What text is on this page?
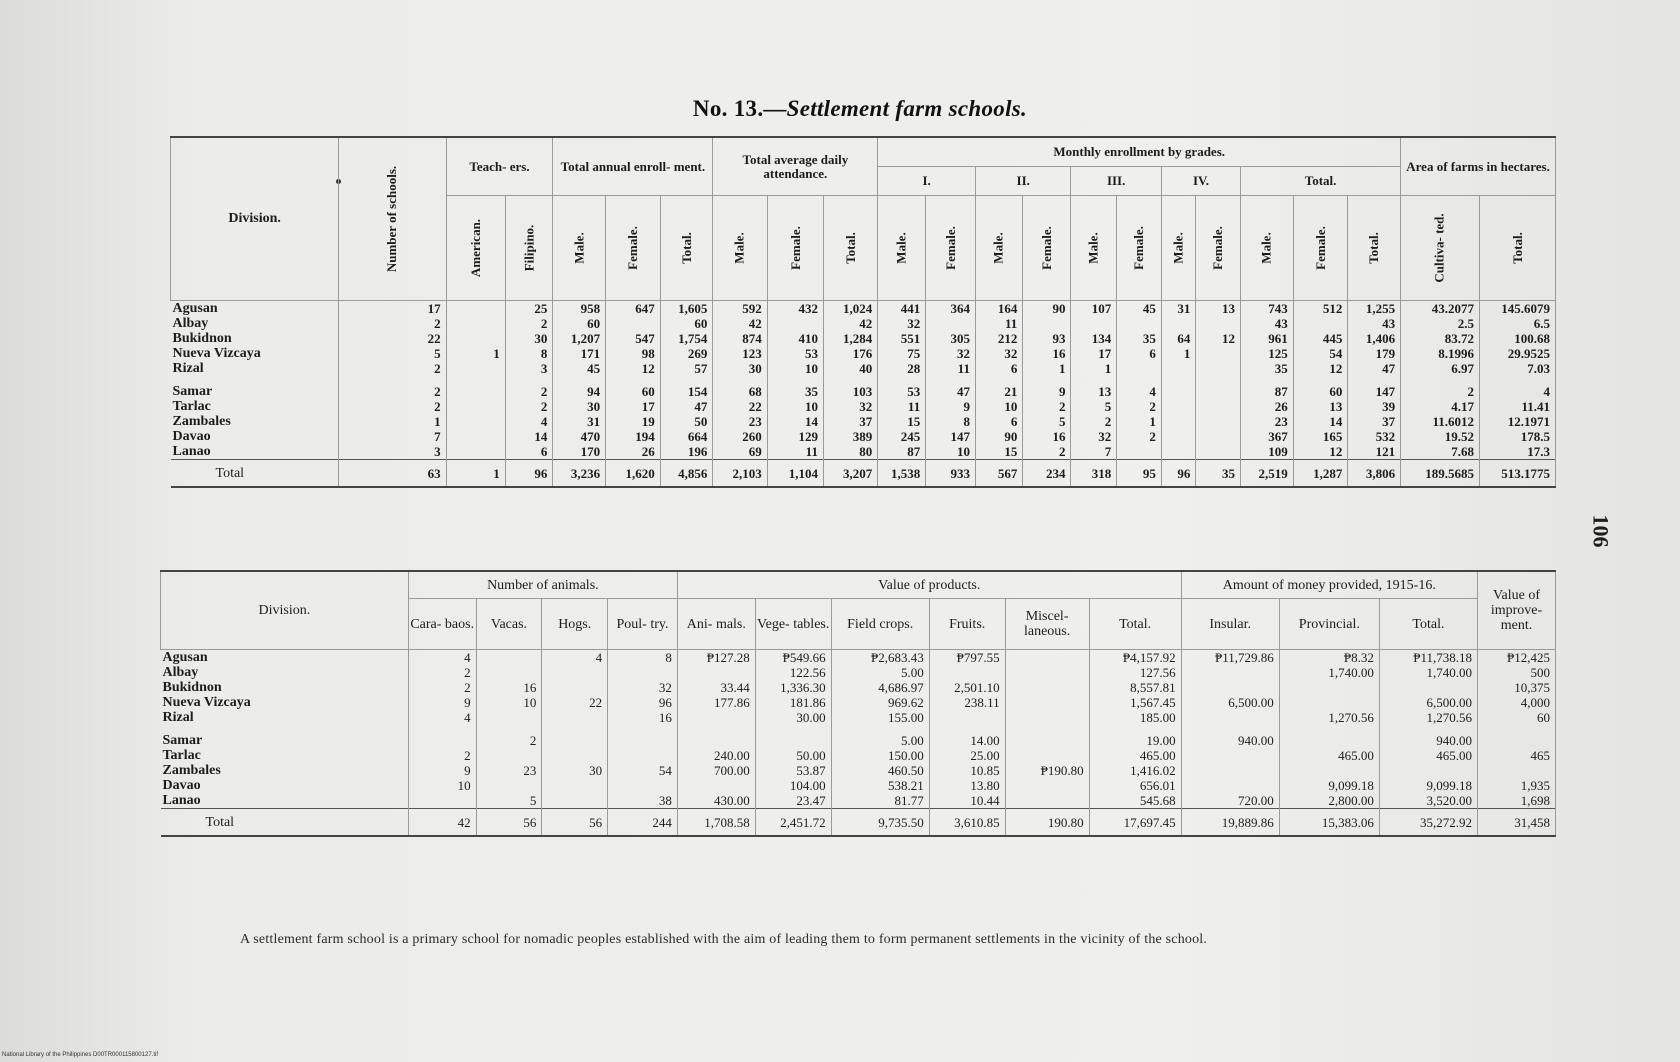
No. 13.—Settlement farm schools.
Division.	Number of schools.	Teach- ers.		Total annual enroll- ment.			Total average daily attendance.			Monthly enrollment by grades.											Area of farms in hectares.	
										I.		II.		III.		IV.		Total.				
		American.	Filipino.	Male.	Female.	Total.	Male.	Female.	Total.	Male.	Female.	Male.	Female.	Male.	Female.	Male.	Female.	Male.	Female.	Total.	Cultiva- ted.	Total.
Agusan	17		25	958	647	1,605	592	432	1,024	441	364	164	90	107	45	31	13	743	512	1,255	43.2077	145.6079
Albay	2		2	60		60	42		42	32		11						43		43	2.5	6.5
Bukidnon	22		30	1,207	547	1,754	874	410	1,284	551	305	212	93	134	35	64	12	961	445	1,406	83.72	100.68
Nueva Vizcaya	5	1	8	171	98	269	123	53	176	75	32	32	16	17	6	1		125	54	179	8.1996	29.9525
Rizal	2		3	45	12	57	30	10	40	28	11	6	1	1				35	12	47	6.97	7.03

Samar	2		2	94	60	154	68	35	103	53	47	21	9	13	4			87	60	147	2	4
Tarlac	2		2	30	17	47	22	10	32	11	9	10	2	5	2			26	13	39	4.17	11.41
Zambales	1		4	31	19	50	23	14	37	15	8	6	5	2	1			23	14	37	11.6012	12.1971
Davao	7		14	470	194	664	260	129	389	245	147	90	16	32	2			367	165	532	19.52	178.5
Lanao	3		6	170	26	196	69	11	80	87	10	15	2	7				109	12	121	7.68	17.3
Total	63	1	96	3,236	1,620	4,856	2,103	1,104	3,207	1,538	933	567	234	318	95	96	35	2,519	1,287	3,806	189.5685	513.1775
Division.	Number of animals.				Value of products.						Amount of money provided, 1915-16.			Value of improve- ment.
	Cara- baos.	Vacas.	Hogs.	Poul- try.	Ani- mals.	Vege- tables.	Field crops.	Fruits.	Miscel- laneous.	Total.	Insular.	Provincial.	Total.	
Agusan	4		4	8	₱127.28	₱549.66	₱2,683.43	₱797.55		₱4,157.92	₱11,729.86	₱8.32	₱11,738.18	₱12,425
Albay	2					122.56	5.00			127.56		1,740.00	1,740.00	500
Bukidnon	2	16		32	33.44	1,336.30	4,686.97	2,501.10		8,557.81				10,375
Nueva Vizcaya	9	10	22	96	177.86	181.86	969.62	238.11		1,567.45	6,500.00		6,500.00	4,000
Rizal	4			16		30.00	155.00			185.00		1,270.56	1,270.56	60

Samar		2					5.00	14.00		19.00	940.00		940.00	
Tarlac	2				240.00	50.00	150.00	25.00		465.00		465.00	465.00	465
Zambales	9	23	30	54	700.00	53.87	460.50	10.85	₱190.80	1,416.02				
Davao	10					104.00	538.21	13.80		656.01		9,099.18	9,099.18	1,935
Lanao		5		38	430.00	23.47	81.77	10.44		545.68	720.00	2,800.00	3,520.00	1,698
Total	42	56	56	244	1,708.58	2,451.72	9,735.50	3,610.85	190.80	17,697.45	19,889.86	15,383.06	35,272.92	31,458
A settlement farm school is a primary school for nomadic peoples established with the aim of leading them to form permanent settlements in the vicinity of the school.
106
National Library of the Philippines D00TR000115800127.tif
